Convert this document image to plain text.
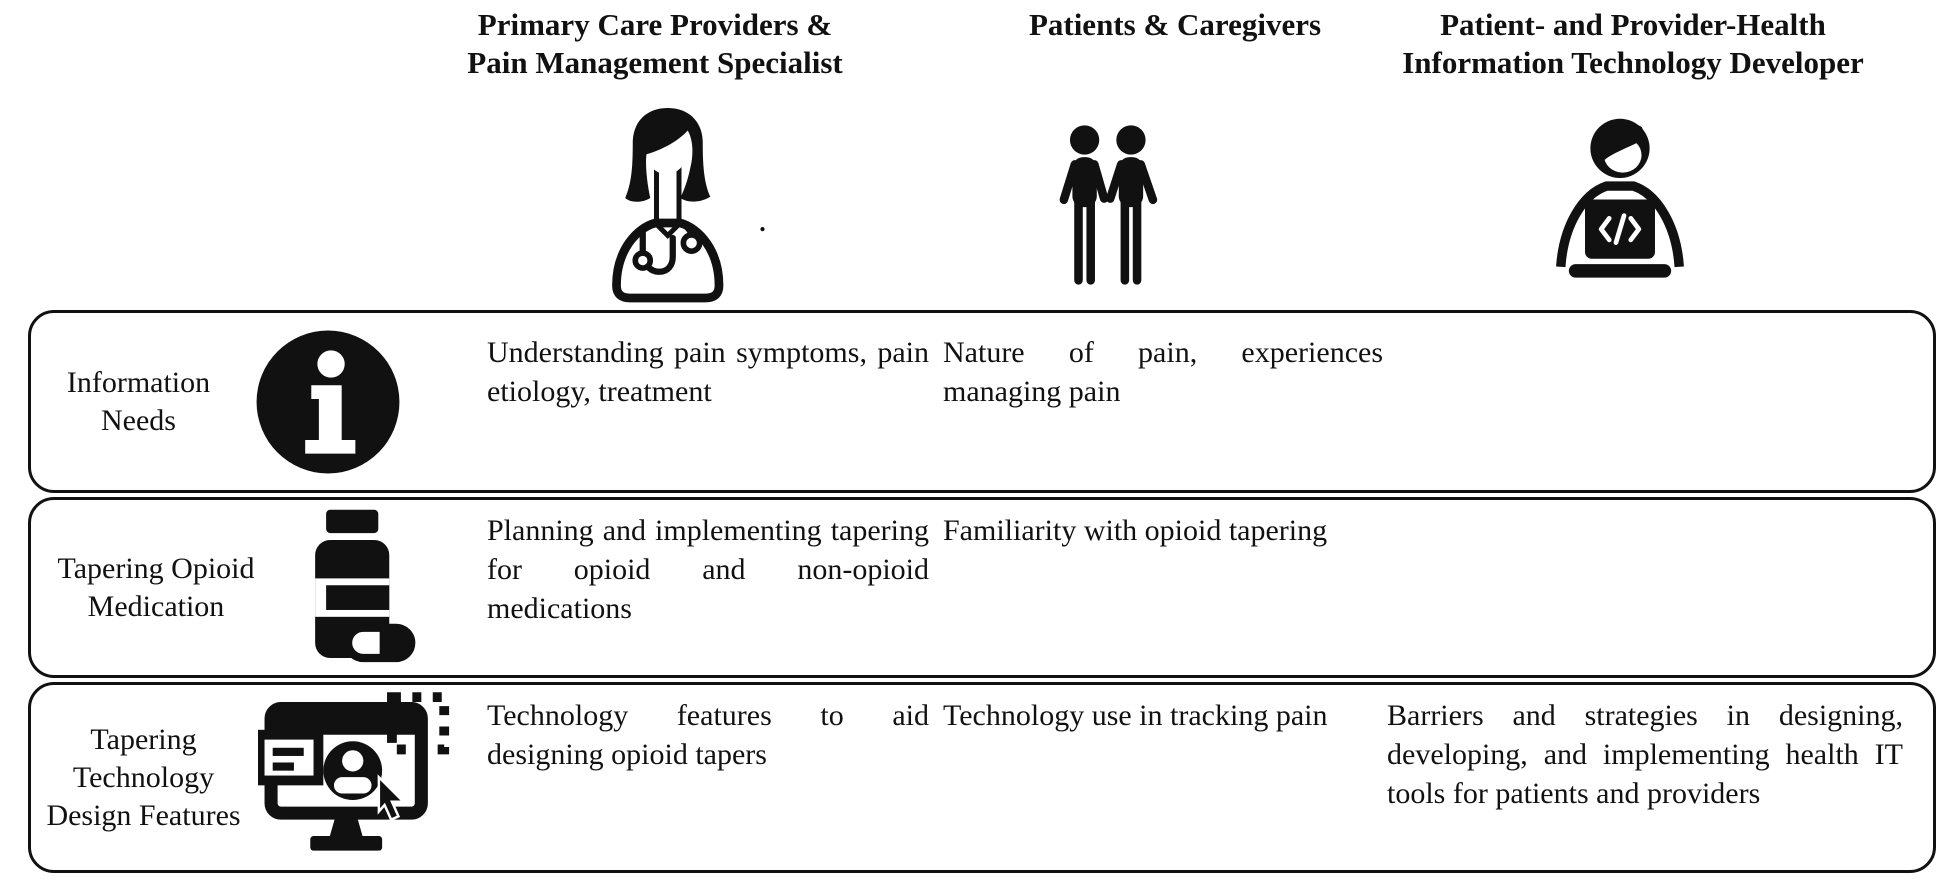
Primary Care Providers &
Pain Management Specialist
Patients & Caregivers	Patient- and Provider-Health
Information Technology Developer
.
Information Needs
Understanding pain symptoms, pain etiology, treatment
Nature of pain, experiences managing pain
Tapering Opioid Medication
Planning and implementing tapering for opioid and non-opioid medications
Familiarity with opioid tapering
Tapering Technology Design Features
Technology features to aid designing opioid tapers
Technology use in tracking pain	Barriers and strategies in designing, developing, and implementing health IT tools for patients and providers
